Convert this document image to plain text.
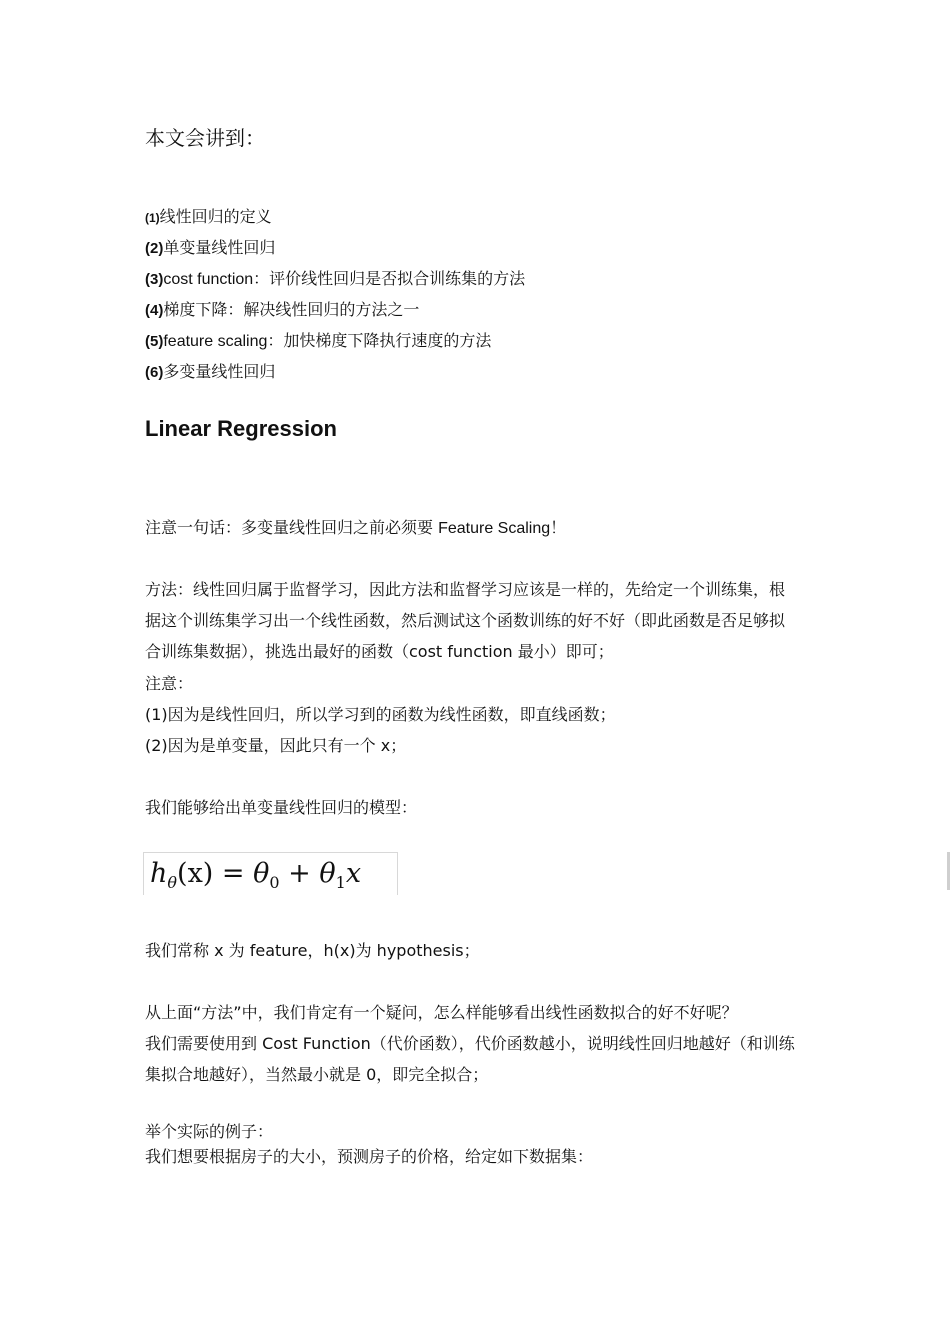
本文会讲到：
(1)线性回归的定义
(2)单变量线性回归
(3)cost function：评价线性回归是否拟合训练集的方法
(4)梯度下降：解决线性回归的方法之一
(5)feature scaling：加快梯度下降执行速度的方法
(6)多变量线性回归
Linear Regression
注意一句话：多变量线性回归之前必须要 Feature Scaling！
方法：线性回归属于监督学习，因此方法和监督学习应该是一样的，先给定一个训练集，根
据这个训练集学习出一个线性函数，然后测试这个函数训练的好不好（即此函数是否足够拟
合训练集数据），挑选出最好的函数（cost function 最小）即可；
注意：
(1)因为是线性回归，所以学习到的函数为线性函数，即直线函数；
(2)因为是单变量，因此只有一个 x；
我们能够给出单变量线性回归的模型：
$h_\theta(x) = \theta_0 + \theta_1x$
我们常称 x 为 feature，h(x)为 hypothesis；
从上面“方法”中，我们肯定有一个疑问，怎么样能够看出线性函数拟合的好不好呢？
我们需要使用到 Cost Function（代价函数），代价函数越小，说明线性回归地越好（和训练
集拟合地越好），当然最小就是 0，即完全拟合；
举个实际的例子：
我们想要根据房子的大小，预测房子的价格，给定如下数据集：
